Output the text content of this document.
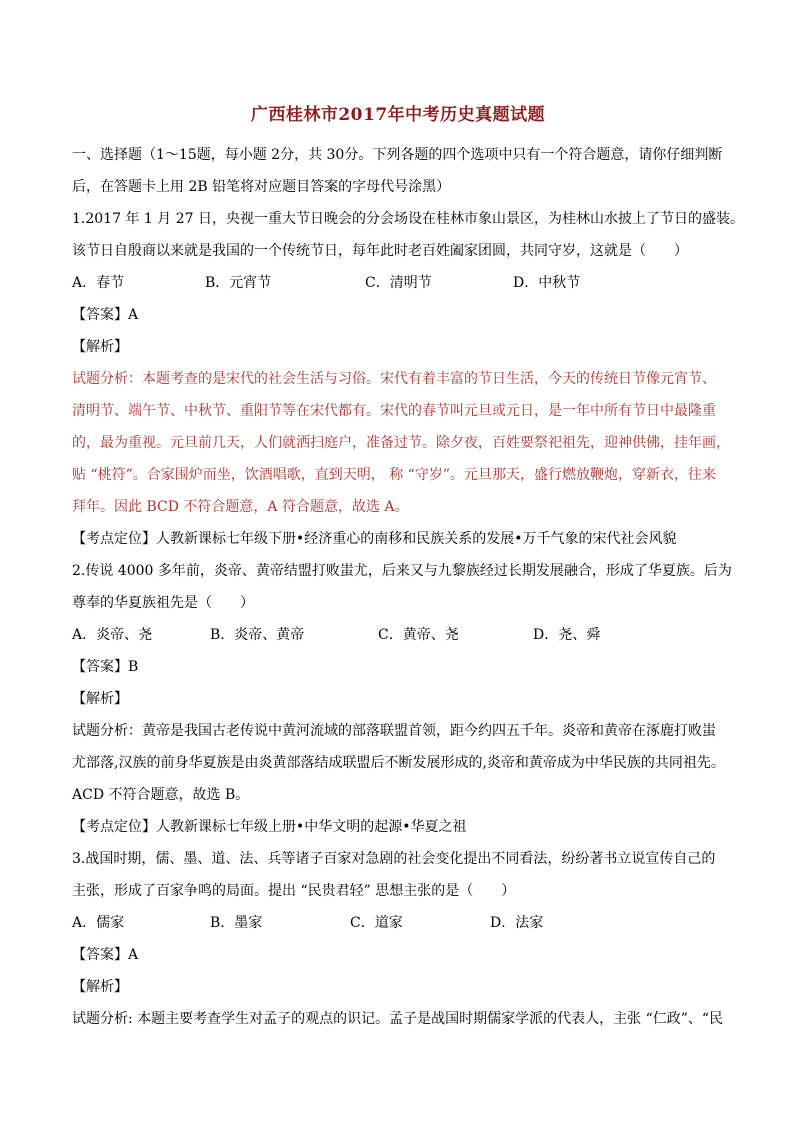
广西桂林市2017年中考历史真题试题
一、选择题（1～15题，每小题 2分，共 30分。下列各题的四个选项中只有一个符合题意，请你仔细判断
后，在答题卡上用 2B 铅笔将对应题目答案的字母代号涂黑）
1.2017 年 1 月 27 日，央视一重大节日晚会的分会场设在桂林市象山景区，为桂林山水披上了节日的盛装。
该节日自殷商以来就是我国的一个传统节日，每年此时老百姓阖家团圆，共同守岁，这就是（　　）
A．春节	B．元宵节	C．清明节	D．中秋节
【答案】A
【解析】
试题分析：本题考查的是宋代的社会生活与习俗。宋代有着丰富的节日生活，今天的传统日节像元宵节、
清明节、端午节、中秋节、重阳节等在宋代都有。宋代的春节叫元旦或元日，是一年中所有节日中最隆重
的，最为重视。元旦前几天，人们就洒扫庭户，准备过节。除夕夜，百姓要祭祀祖先，迎神供佛，挂年画，
贴 “桃符”。合家围炉而坐，饮酒唱歌，直到天明， 称 “守岁”。元旦那天，盛行燃放鞭炮，穿新衣，往来
拜年。因此 BCD 不符合题意，A 符合题意，故选 A。
【考点定位】人教新课标七年级下册•经济重心的南移和民族关系的发展•万千气象的宋代社会风貌
2.传说 4000 多年前，炎帝、黄帝结盟打败蚩尤，后来又与九黎族经过长期发展融合，形成了华夏族。后为
尊奉的华夏族祖先是（　　）
A．炎帝、尧	B．炎帝、黄帝	C．黄帝、尧	D．尧、舜
【答案】B
【解析】
试题分析：黄帝是我国古老传说中黄河流域的部落联盟首领，距今约四五千年。炎帝和黄帝在涿鹿打败蚩
尤部落,汉族的前身华夏族是由炎黄部落结成联盟后不断发展形成的,炎帝和黄帝成为中华民族的共同祖先。
ACD 不符合题意，故选 B。
【考点定位】人教新课标七年级上册•中华文明的起源•华夏之祖
3.战国时期，儒、墨、道、法、兵等诸子百家对急剧的社会变化提出不同看法，纷纷著书立说宣传自己的
主张，形成了百家争鸣的局面。提出 “民贵君轻” 思想主张的是（　　）
A．儒家	B．墨家	C．道家	D．法家
【答案】A
【解析】
试题分析: 本题主要考查学生对孟子的观点的识记。孟子是战国时期儒家学派的代表人，主张 “仁政”、“民
